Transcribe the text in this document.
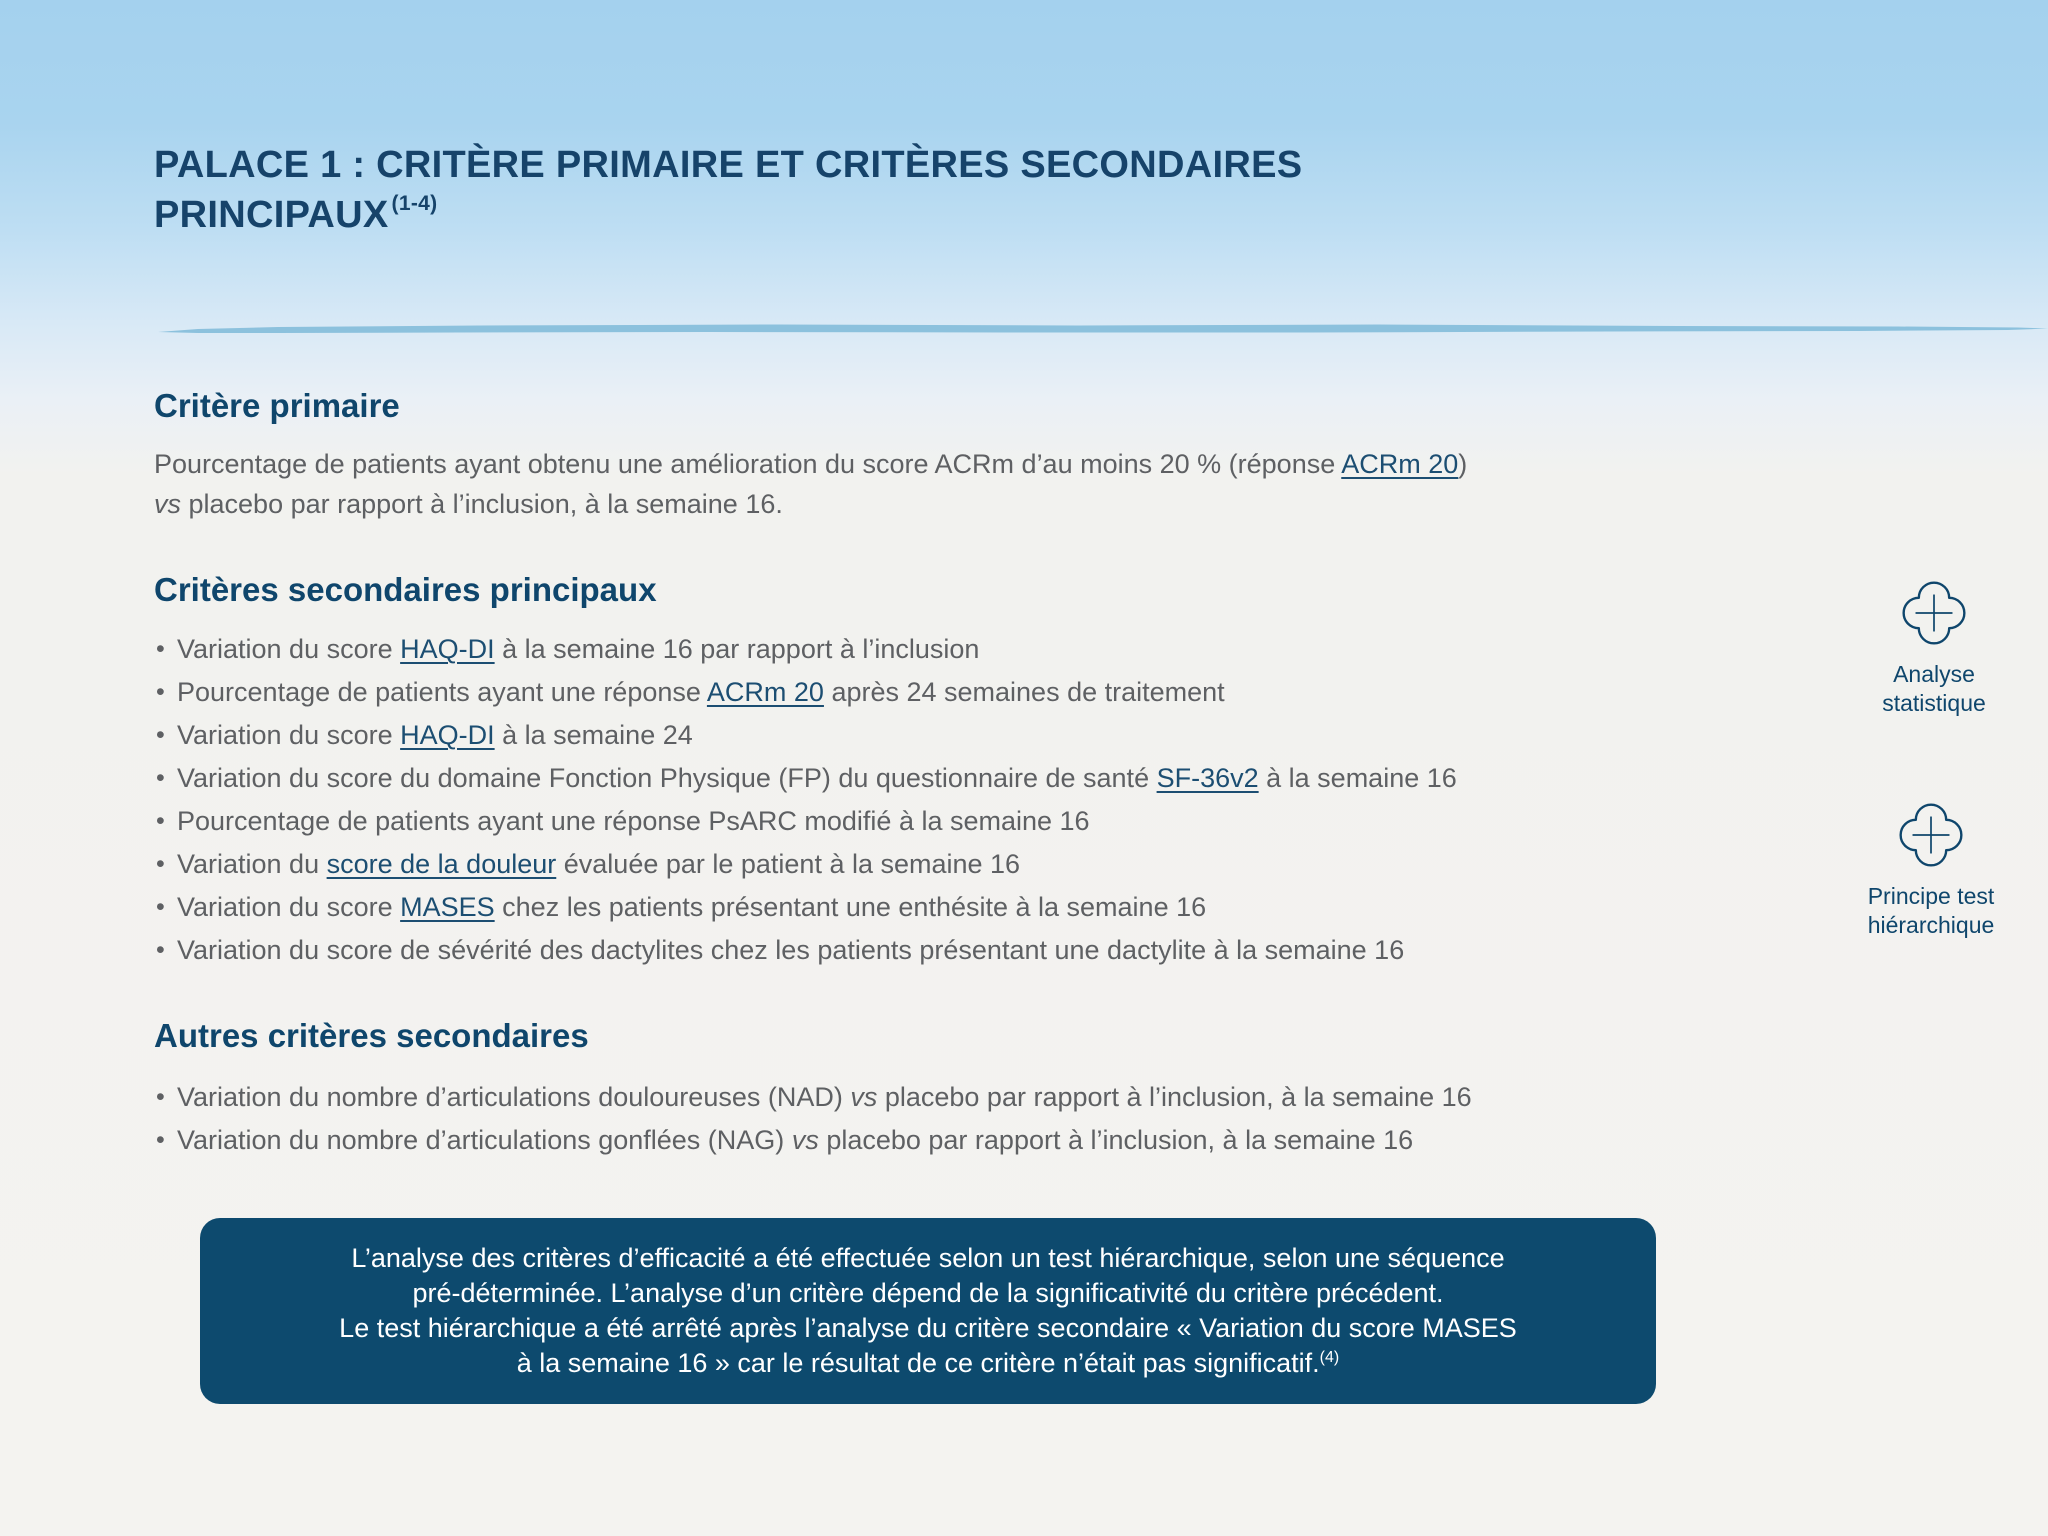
PALACE 1 : CRITÈRE PRIMAIRE ET CRITÈRES SECONDAIRES PRINCIPAUX $^{(1-4)}$
Critère primaire

Pourcentage de patients ayant obtenu une amélioration du score ACRm d’au moins 20 % (réponse ACRm 20)
vs placebo par rapport à l’inclusion, à la semaine 16.

Critères secondaires principaux
• Variation du score HAQ-DI à la semaine 16 par rapport à l’inclusion
• Pourcentage de patients ayant une réponse ACRm 20 après 24 semaines de traitement
• Variation du score HAQ-DI à la semaine 24
• Variation du score du domaine Fonction Physique (FP) du questionnaire de santé SF-36v2 à la semaine 16
• Pourcentage de patients ayant une réponse PsARC modifié à la semaine 16
• Variation du score de la douleur évaluée par le patient à la semaine 16
• Variation du score MASES chez les patients présentant une enthésite à la semaine 16
• Variation du score de sévérité des dactylites chez les patients présentant une dactylite à la semaine 16
Autres critères secondaires
• Variation du nombre d’articulations douloureuses (NAD) vs placebo par rapport à l’inclusion, à la semaine 16
• Variation du nombre d’articulations gonflées (NAG) vs placebo par rapport à l’inclusion, à la semaine 16
L’analyse des critères d’efficacité a été effectuée selon un test hiérarchique, selon une séquence
pré-déterminée. L’analyse d’un critère dépend de la significativité du critère précédent.
Le test hiérarchique a été arrêté après l’analyse du critère secondaire « Variation du score MASES
à la semaine 16 » car le résultat de ce critère n’était pas significatif.$^{(4)}$
Analyse
statistique
Principe test
hiérarchique
